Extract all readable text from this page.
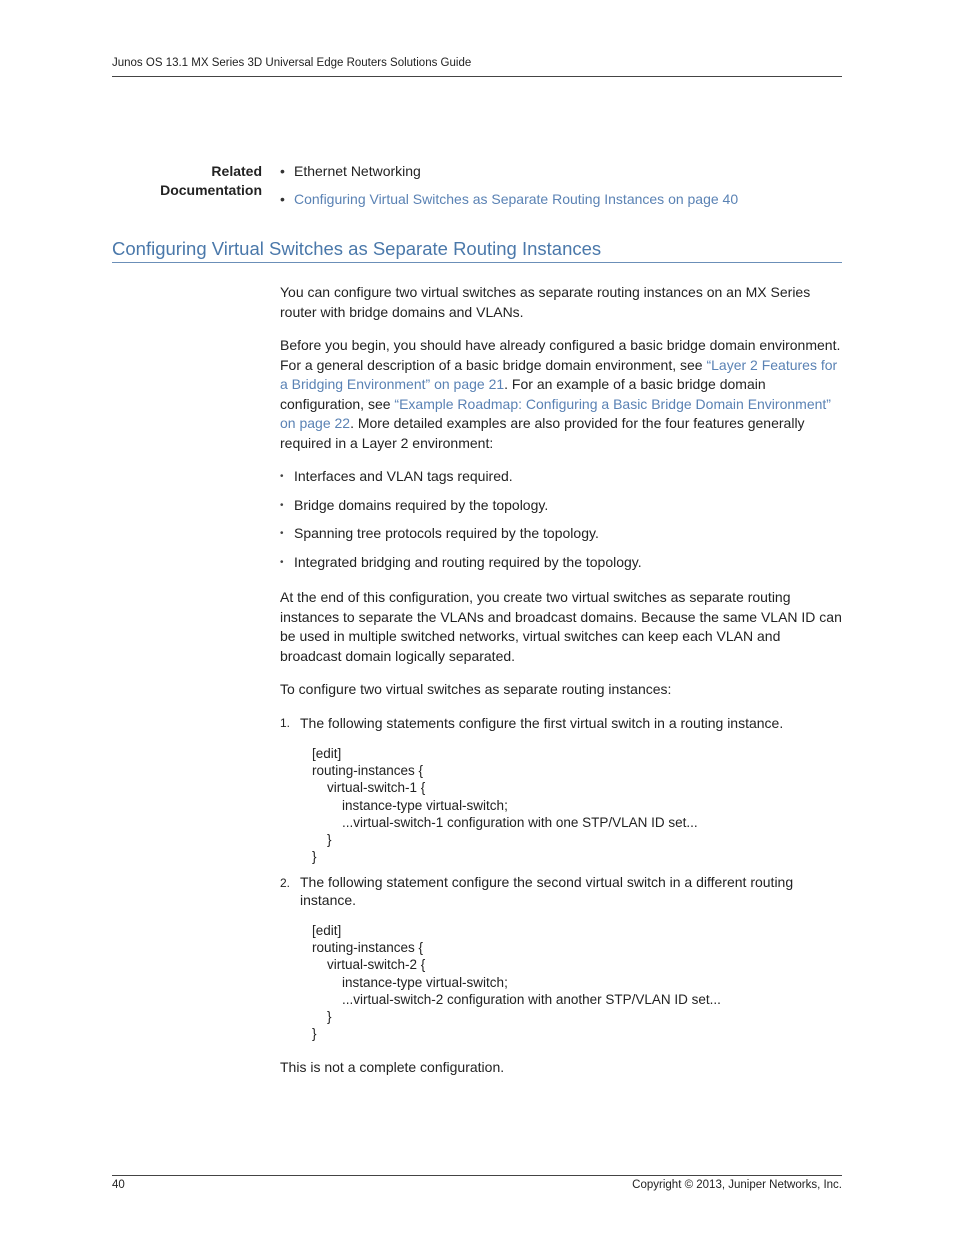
Junos OS 13.1 MX Series 3D Universal Edge Routers Solutions Guide
Related
Documentation
• Ethernet Networking
• Configuring Virtual Switches as Separate Routing Instances on page 40
Configuring Virtual Switches as Separate Routing Instances

You can configure two virtual switches as separate routing instances on an MX Series router with bridge domains and VLANs.

Before you begin, you should have already configured a basic bridge domain environment. For a general description of a basic bridge domain environment, see “Layer 2 Features for a Bridging Environment” on page 21. For an example of a basic bridge domain configuration, see “Example Roadmap: Configuring a Basic Bridge Domain Environment” on page 22. More detailed examples are also provided for the four features generally required in a Layer 2 environment:

• Interfaces and VLAN tags required.
• Bridge domains required by the topology.
• Spanning tree protocols required by the topology.
• Integrated bridging and routing required by the topology.

At the end of this configuration, you create two virtual switches as separate routing instances to separate the VLANs and broadcast domains. Because the same VLAN ID can be used in multiple switched networks, virtual switches can keep each VLAN and broadcast domain logically separated.

To configure two virtual switches as separate routing instances:

1. The following statements configure the first virtual switch in a routing instance.
[edit]
routing-instances {
virtual-switch-1 {
instance-type virtual-switch;
...virtual-switch-1 configuration with one STP/VLAN ID set...
}
}
2. The following statement configure the second virtual switch in a different routing instance.
[edit]
routing-instances {
virtual-switch-2 {
instance-type virtual-switch;
...virtual-switch-2 configuration with another STP/VLAN ID set...
}
}

This is not a complete configuration.

40	Copyright © 2013, Juniper Networks, Inc.
